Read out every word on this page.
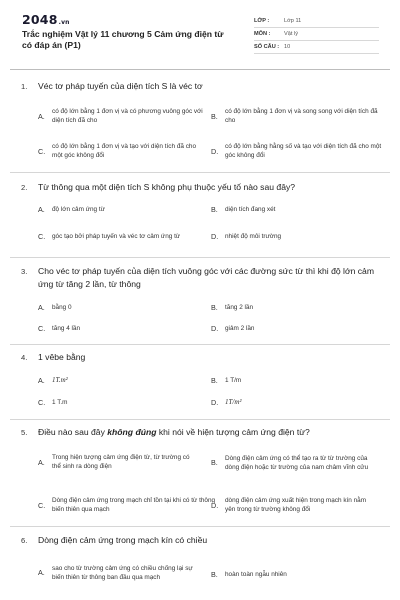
2048.vn
Trắc nghiệm Vật lý 11 chương 5 Cảm ứng điện từ có đáp án (P1)
LỚP :	Lớp 11
MÔN :	Vật lý
SỐ CÂU : 10
1. Véc tơ pháp tuyến của diện tích S là véc tơ
A.	có độ lớn bằng 1 đơn vị và có phương vuông góc với diện tích đã cho	B.	có độ lớn bằng 1 đơn vị và song song với diện tích đã cho
C.	có độ lớn bằng 1 đơn vị và tạo với diện tích đã cho một góc không đổi	D.	có độ lớn bằng hằng số và tạo với diện tích đã cho một góc không đổi
2. Từ thông qua một diện tích S không phụ thuộc yếu tố nào sau đây?
A.	độ lớn cảm ứng từ	B.	diện tích đang xét
C.	góc tạo bởi pháp tuyến và véc tơ cảm ứng từ	D.	nhiệt độ môi trường
3. Cho véc tơ pháp tuyến của diện tích vuông góc với các đường sức từ thì khi độ lớn cảm ứng từ tăng 2 lần, từ thông
A.	bằng 0	B.	tăng 2 lần
C.	tăng 4 lần	D.	giảm 2 lần
4. 1 vêbe bằng
A.	1T.m²	B.	1 T/m
C.	1 T.m	D. 1T/m²
5. Điều nào sau đây không đúng khi nói về hiện tượng cảm ứng điện từ?
A.	Trong hiện tượng cảm ứng điện từ, từ trường có thể sinh ra dòng điện	B.	Dòng điện cảm ứng có thể tạo ra từ từ trường của dòng điện hoặc từ trường của nam châm vĩnh cửu
C.	Dòng điện cảm ứng trong mạch chỉ tồn tại khi có từ thông biến thiên qua mạch	D.	dòng điện cảm ứng xuất hiện trong mạch kín nằm yên trong từ trường không đổi
6. Dòng điện cảm ứng trong mạch kín có chiều
A.	sao cho từ trường cảm ứng có chiều chống lại sự biến thiên từ thông ban đầu qua mạch	B.	hoàn toàn ngẫu nhiên
